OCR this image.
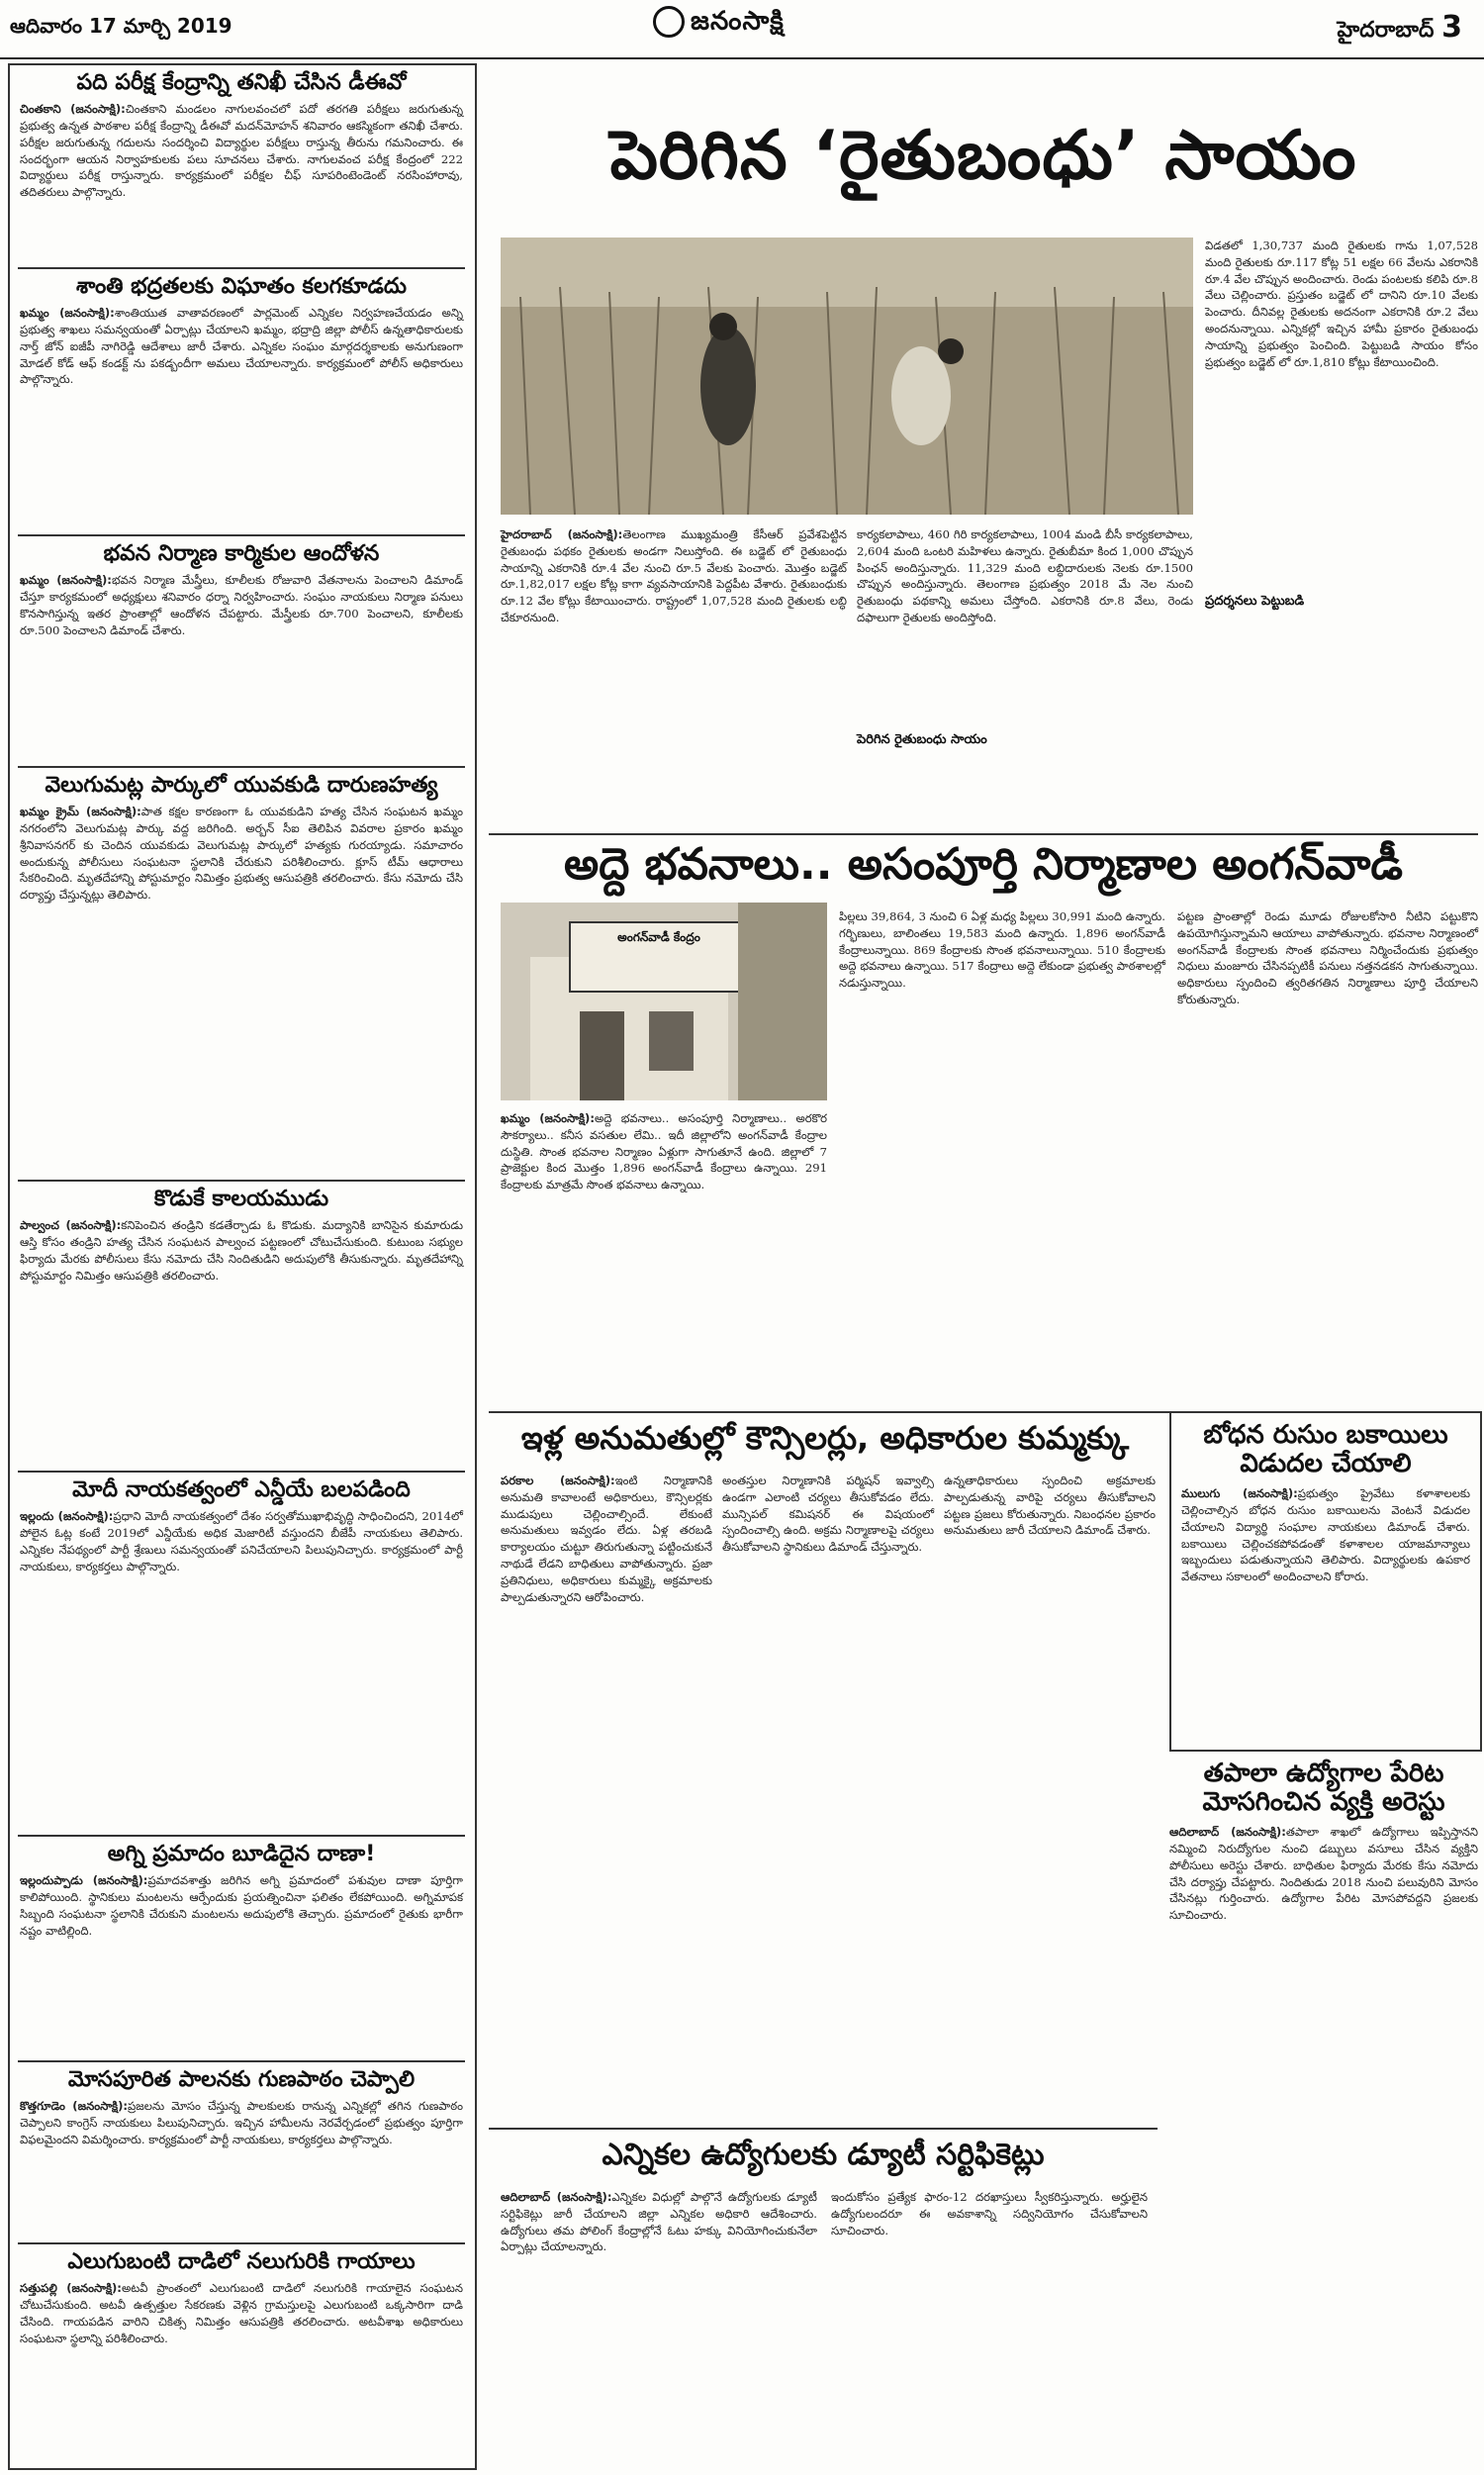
ఆదివారం 17 మార్చి 2019	జనంసాక్షి	హైదరాబాద్ 3
పది పరీక్ష కేంద్రాన్ని తనిఖీ చేసిన డీఈవో
చింతకాని (జనంసాక్షి):చింతకాని మండలం నాగులవంచలో పదో తరగతి పరీక్షలు జరుగుతున్న ప్రభుత్వ ఉన్నత పాఠశాల పరీక్ష కేంద్రాన్ని డీఈవో మదన్‌మోహన్ శనివారం ఆకస్మికంగా తనిఖీ చేశారు. పరీక్షల జరుగుతున్న గదులను సందర్శించి విద్యార్థుల పరీక్షలు రాస్తున్న తీరును గమనించారు. ఈ సందర్భంగా ఆయన నిర్వాహకులకు పలు సూచనలు చేశారు. నాగులవంచ పరీక్ష కేంద్రంలో 222 విద్యార్థులు పరీక్ష రాస్తున్నారు. కార్యక్రమంలో పరీక్షల చీఫ్ సూపరింటెండెంట్ నరసింహారావు, తదితరులు పాల్గొన్నారు.
శాంతి భద్రతలకు విఘాతం కలగకూడదు
ఖమ్మం (జనంసాక్షి):శాంతియుత వాతావరణంలో పార్లమెంట్ ఎన్నికల నిర్వహణచేయడం అన్ని ప్రభుత్వ శాఖలు సమన్వయంతో ఏర్పాట్లు చేయాలని ఖమ్మం, భద్రాద్రి జిల్లా పోలీస్ ఉన్నతాధికారులకు నార్త్ జోన్ ఐజీపీ నాగిరెడ్డి ఆదేశాలు జారీ చేశారు. ఎన్నికల సంఘం మార్గదర్శకాలకు అనుగుణంగా మోడల్ కోడ్ ఆఫ్ కండక్ట్ ను పకడ్బందీగా అమలు చేయాలన్నారు. కార్యక్రమంలో పోలీస్ అధికారులు పాల్గొన్నారు.
భవన నిర్మాణ కార్మికుల ఆందోళన
ఖమ్మం (జనంసాక్షి):భవన నిర్మాణ మేస్త్రీలు, కూలీలకు రోజువారి వేతనాలను పెంచాలని డిమాండ్ చేస్తూ కార్యకమంలో అధ్యక్షులు శనివారం ధర్నా నిర్వహించారు. సంఘం నాయకులు నిర్మాణ పనులు కొనసాగిస్తున్న ఇతర ప్రాంతాల్లో ఆందోళన చేపట్టారు. మేస్త్రీలకు రూ.700 పెంచాలని, కూలీలకు రూ.500 పెంచాలని డిమాండ్ చేశారు.
వెలుగుమట్ల పార్కులో యువకుడి దారుణహత్య
ఖమ్మం క్రైమ్ (జనంసాక్షి):పాత కక్షల కారణంగా ఓ యువకుడిని హత్య చేసిన సంఘటన ఖమ్మం నగరంలోని వెలుగుమట్ల పార్కు వద్ద జరిగింది. అర్బన్ సీఐ తెలిపిన వివరాల ప్రకారం ఖమ్మం శ్రీనివాసనగర్ కు చెందిన యువకుడు వెలుగుమట్ల పార్కులో హత్యకు గురయ్యాడు. సమాచారం అందుకున్న పోలీసులు సంఘటనా స్థలానికి చేరుకుని పరిశీలించారు. క్లూస్ టీమ్ ఆధారాలు సేకరించింది. మృతదేహాన్ని పోస్టుమార్టం నిమిత్తం ప్రభుత్వ ఆసుపత్రికి తరలించారు. కేసు నమోదు చేసి దర్యాప్తు చేస్తున్నట్లు తెలిపారు.
కొడుకే కాలయముడు
పాల్వంచ (జనంసాక్షి):కనిపెంచిన తండ్రిని కడతేర్చాడు ఓ కొడుకు. మద్యానికి బానిసైన కుమారుడు ఆస్తి కోసం తండ్రిని హత్య చేసిన సంఘటన పాల్వంచ పట్టణంలో చోటుచేసుకుంది. కుటుంబ సభ్యుల ఫిర్యాదు మేరకు పోలీసులు కేసు నమోదు చేసి నిందితుడిని అదుపులోకి తీసుకున్నారు. మృతదేహాన్ని పోస్టుమార్టం నిమిత్తం ఆసుపత్రికి తరలించారు.
మోదీ నాయకత్వంలో ఎన్డీయే బలపడింది
ఇల్లందు (జనంసాక్షి):ప్రధాని మోదీ నాయకత్వంలో దేశం సర్వతోముఖాభివృద్ధి సాధించిందని, 2014లో పోలైన ఓట్ల కంటే 2019లో ఎన్డీయేకు అధిక మెజారిటీ వస్తుందని బీజేపీ నాయకులు తెలిపారు. ఎన్నికల నేపథ్యంలో పార్టీ శ్రేణులు సమన్వయంతో పనిచేయాలని పిలుపునిచ్చారు. కార్యక్రమంలో పార్టీ నాయకులు, కార్యకర్తలు పాల్గొన్నారు.
అగ్ని ప్రమాదం బూడిదైన దాణా!
ఇల్లందుప్పాడు (జనంసాక్షి):ప్రమాదవశాత్తు జరిగిన అగ్ని ప్రమాదంలో పశువుల దాణా పూర్తిగా కాలిపోయింది. స్థానికులు మంటలను ఆర్పేందుకు ప్రయత్నించినా ఫలితం లేకపోయింది. అగ్నిమాపక సిబ్బంది సంఘటనా స్థలానికి చేరుకుని మంటలను అదుపులోకి తెచ్చారు. ప్రమాదంలో రైతుకు భారీగా నష్టం వాటిల్లింది.
మోసపూరిత పాలనకు గుణపాఠం చెప్పాలి
కొత్తగూడెం (జనంసాక్షి):ప్రజలను మోసం చేస్తున్న పాలకులకు రానున్న ఎన్నికల్లో తగిన గుణపాఠం చెప్పాలని కాంగ్రెస్ నాయకులు పిలుపునిచ్చారు. ఇచ్చిన హామీలను నెరవేర్చడంలో ప్రభుత్వం పూర్తిగా విఫలమైందని విమర్శించారు. కార్యక్రమంలో పార్టీ నాయకులు, కార్యకర్తలు పాల్గొన్నారు.
ఎలుగుబంటి దాడిలో నలుగురికి గాయాలు
సత్తుపల్లి (జనంసాక్షి):అటవీ ప్రాంతంలో ఎలుగుబంటి దాడిలో నలుగురికి గాయాలైన సంఘటన చోటుచేసుకుంది. అటవీ ఉత్పత్తుల సేకరణకు వెళ్లిన గ్రామస్తులపై ఎలుగుబంటి ఒక్కసారిగా దాడి చేసింది. గాయపడిన వారిని చికిత్స నిమిత్తం ఆసుపత్రికి తరలించారు. అటవీశాఖ అధికారులు సంఘటనా స్థలాన్ని పరిశీలించారు.
పెరిగిన ‘రైతుబంధు’ సాయం
విడతలో 1,30,737 మంది రైతులకు గాను 1,07,528 మంది రైతులకు రూ.117 కోట్ల 51 లక్షల 66 వేలను ఎకరానికి రూ.4 వేల చొప్పున అందించారు. రెండు పంటలకు కలిపి రూ.8 వేలు చెల్లించారు. ప్రస్తుతం బడ్జెట్ లో దానిని రూ.10 వేలకు పెంచారు. దీనివల్ల రైతులకు అదనంగా ఎకరానికి రూ.2 వేలు అందనున్నాయి. ఎన్నికల్లో ఇచ్చిన హామీ ప్రకారం రైతుబంధు సాయాన్ని ప్రభుత్వం పెంచింది. పెట్టుబడి సాయం కోసం ప్రభుత్వం బడ్జెట్ లో రూ.1,810 కోట్లు కేటాయించింది.
ప్రదర్శనలు పెట్టుబడి
హైదరాబాద్ (జనంసాక్షి):తెలంగాణ ముఖ్యమంత్రి కేసీఆర్ ప్రవేశపెట్టిన రైతుబంధు పథకం రైతులకు అండగా నిలుస్తోంది. ఈ బడ్జెట్ లో రైతుబంధు సాయాన్ని ఎకరానికి రూ.4 వేల నుంచి రూ.5 వేలకు పెంచారు. మొత్తం బడ్జెట్ రూ.1,82,017 లక్షల కోట్ల కాగా వ్యవసాయానికి పెద్దపీట వేశారు. రైతుబంధుకు రూ.12 వేల కోట్లు కేటాయించారు. రాష్ట్రంలో 1,07,528 మంది రైతులకు లబ్ధి చేకూరనుంది.
కార్యకలాపాలు, 460 గిరి కార్యకలాపాలు, 1004 మండి బీసీ కార్యకలాపాలు, 2,604 మంది ఒంటరి మహిళలు ఉన్నారు. రైతుబీమా కింద 1,000 చొప్పున పింఛన్ అందిస్తున్నారు. 11,329 మంది లబ్ధిదారులకు నెలకు రూ.1500 చొప్పున అందిస్తున్నారు. తెలంగాణ ప్రభుత్వం 2018 మే నెల నుంచి రైతుబంధు పథకాన్ని అమలు చేస్తోంది. ఎకరానికి రూ.8 వేలు, రెండు దఫాలుగా రైతులకు అందిస్తోంది.
పెరిగిన రైతుబంధు సాయం
అద్దె భవనాలు.. అసంపూర్తి నిర్మాణాల అంగన్‌వాడీ
అంగన్‌వాడీ కేంద్రం
ఖమ్మం (జనంసాక్షి):అద్దె భవనాలు.. అసంపూర్తి నిర్మాణాలు.. అరకొర సౌకర్యాలు.. కనీస వసతుల లేమి.. ఇదీ జిల్లాలోని అంగన్‌వాడీ కేంద్రాల దుస్థితి. సొంత భవనాల నిర్మాణం ఏళ్లుగా సాగుతూనే ఉంది. జిల్లాలో 7 ప్రాజెక్టుల కింద మొత్తం 1,896 అంగన్‌వాడీ కేంద్రాలు ఉన్నాయి. 291 కేంద్రాలకు మాత్రమే సొంత భవనాలు ఉన్నాయి.
పిల్లలు 39,864, 3 నుంచి 6 ఏళ్ల మధ్య పిల్లలు 30,991 మంది ఉన్నారు. గర్భిణులు, బాలింతలు 19,583 మంది ఉన్నారు. 1,896 అంగన్‌వాడీ కేంద్రాలున్నాయి. 869 కేంద్రాలకు సొంత భవనాలున్నాయి. 510 కేంద్రాలకు అద్దె భవనాలు ఉన్నాయి. 517 కేంద్రాలు అద్దె లేకుండా ప్రభుత్వ పాఠశాలల్లో నడుస్తున్నాయి.
పట్టణ ప్రాంతాల్లో రెండు మూడు రోజులకోసారి నీటిని పట్టుకొని ఉపయోగిస్తున్నామని ఆయాలు వాపోతున్నారు. భవనాల నిర్మాణంలో అంగన్‌వాడీ కేంద్రాలకు సొంత భవనాలు నిర్మించేందుకు ప్రభుత్వం నిధులు మంజూరు చేసినప్పటికీ పనులు నత్తనడకన సాగుతున్నాయి. అధికారులు స్పందించి త్వరితగతిన నిర్మాణాలు పూర్తి చేయాలని కోరుతున్నారు.
ఇళ్ల అనుమతుల్లో కౌన్సిలర్లు, అధికారుల కుమ్మక్కు
పరకాల (జనంసాక్షి):ఇంటి నిర్మాణానికి అనుమతి కావాలంటే అధికారులు, కౌన్సిలర్లకు ముడుపులు చెల్లించాల్సిందే. లేకుంటే అనుమతులు ఇవ్వడం లేదు. ఏళ్ల తరబడి కార్యాలయం చుట్టూ తిరుగుతున్నా పట్టించుకునే నాథుడే లేడని బాధితులు వాపోతున్నారు. ప్రజా ప్రతినిధులు, అధికారులు కుమ్మక్కై అక్రమాలకు పాల్పడుతున్నారని ఆరోపించారు.
అంతస్తుల నిర్మాణానికి పర్మిషన్ ఇవ్వాల్సి ఉండగా ఎలాంటి చర్యలు తీసుకోవడం లేదు. మున్సిపల్ కమిషనర్ ఈ విషయంలో స్పందించాల్సి ఉంది. అక్రమ నిర్మాణాలపై చర్యలు తీసుకోవాలని స్థానికులు డిమాండ్ చేస్తున్నారు.
ఉన్నతాధికారులు స్పందించి అక్రమాలకు పాల్పడుతున్న వారిపై చర్యలు తీసుకోవాలని పట్టణ ప్రజలు కోరుతున్నారు. నిబంధనల ప్రకారం అనుమతులు జారీ చేయాలని డిమాండ్ చేశారు.
బోధన రుసుం బకాయిలు విడుదల చేయాలి
ములుగు (జనంసాక్షి):ప్రభుత్వం ప్రైవేటు కళాశాలలకు చెల్లించాల్సిన బోధన రుసుం బకాయిలను వెంటనే విడుదల చేయాలని విద్యార్థి సంఘాల నాయకులు డిమాండ్ చేశారు. బకాయిలు చెల్లించకపోవడంతో కళాశాలల యాజమాన్యాలు ఇబ్బందులు పడుతున్నాయని తెలిపారు. విద్యార్థులకు ఉపకార వేతనాలు సకాలంలో అందించాలని కోరారు.
తపాలా ఉద్యోగాల పేరిట మోసగించిన వ్యక్తి అరెస్టు
ఆదిలాబాద్ (జనంసాక్షి):తపాలా శాఖలో ఉద్యోగాలు ఇప్పిస్తానని నమ్మించి నిరుద్యోగుల నుంచి డబ్బులు వసూలు చేసిన వ్యక్తిని పోలీసులు అరెస్టు చేశారు. బాధితుల ఫిర్యాదు మేరకు కేసు నమోదు చేసి దర్యాప్తు చేపట్టారు. నిందితుడు 2018 నుంచి పలువురిని మోసం చేసినట్లు గుర్తించారు. ఉద్యోగాల పేరిట మోసపోవద్దని ప్రజలకు సూచించారు.
ఎన్నికల ఉద్యోగులకు డ్యూటీ సర్టిఫికెట్లు
ఆదిలాబాద్ (జనంసాక్షి):ఎన్నికల విధుల్లో పాల్గొనే ఉద్యోగులకు డ్యూటీ సర్టిఫికెట్లు జారీ చేయాలని జిల్లా ఎన్నికల అధికారి ఆదేశించారు. ఉద్యోగులు తమ పోలింగ్ కేంద్రాల్లోనే ఓటు హక్కు వినియోగించుకునేలా ఏర్పాట్లు చేయాలన్నారు.
ఇందుకోసం ప్రత్యేక ఫారం-12 దరఖాస్తులు స్వీకరిస్తున్నారు. అర్హులైన ఉద్యోగులందరూ ఈ అవకాశాన్ని సద్వినియోగం చేసుకోవాలని సూచించారు.
